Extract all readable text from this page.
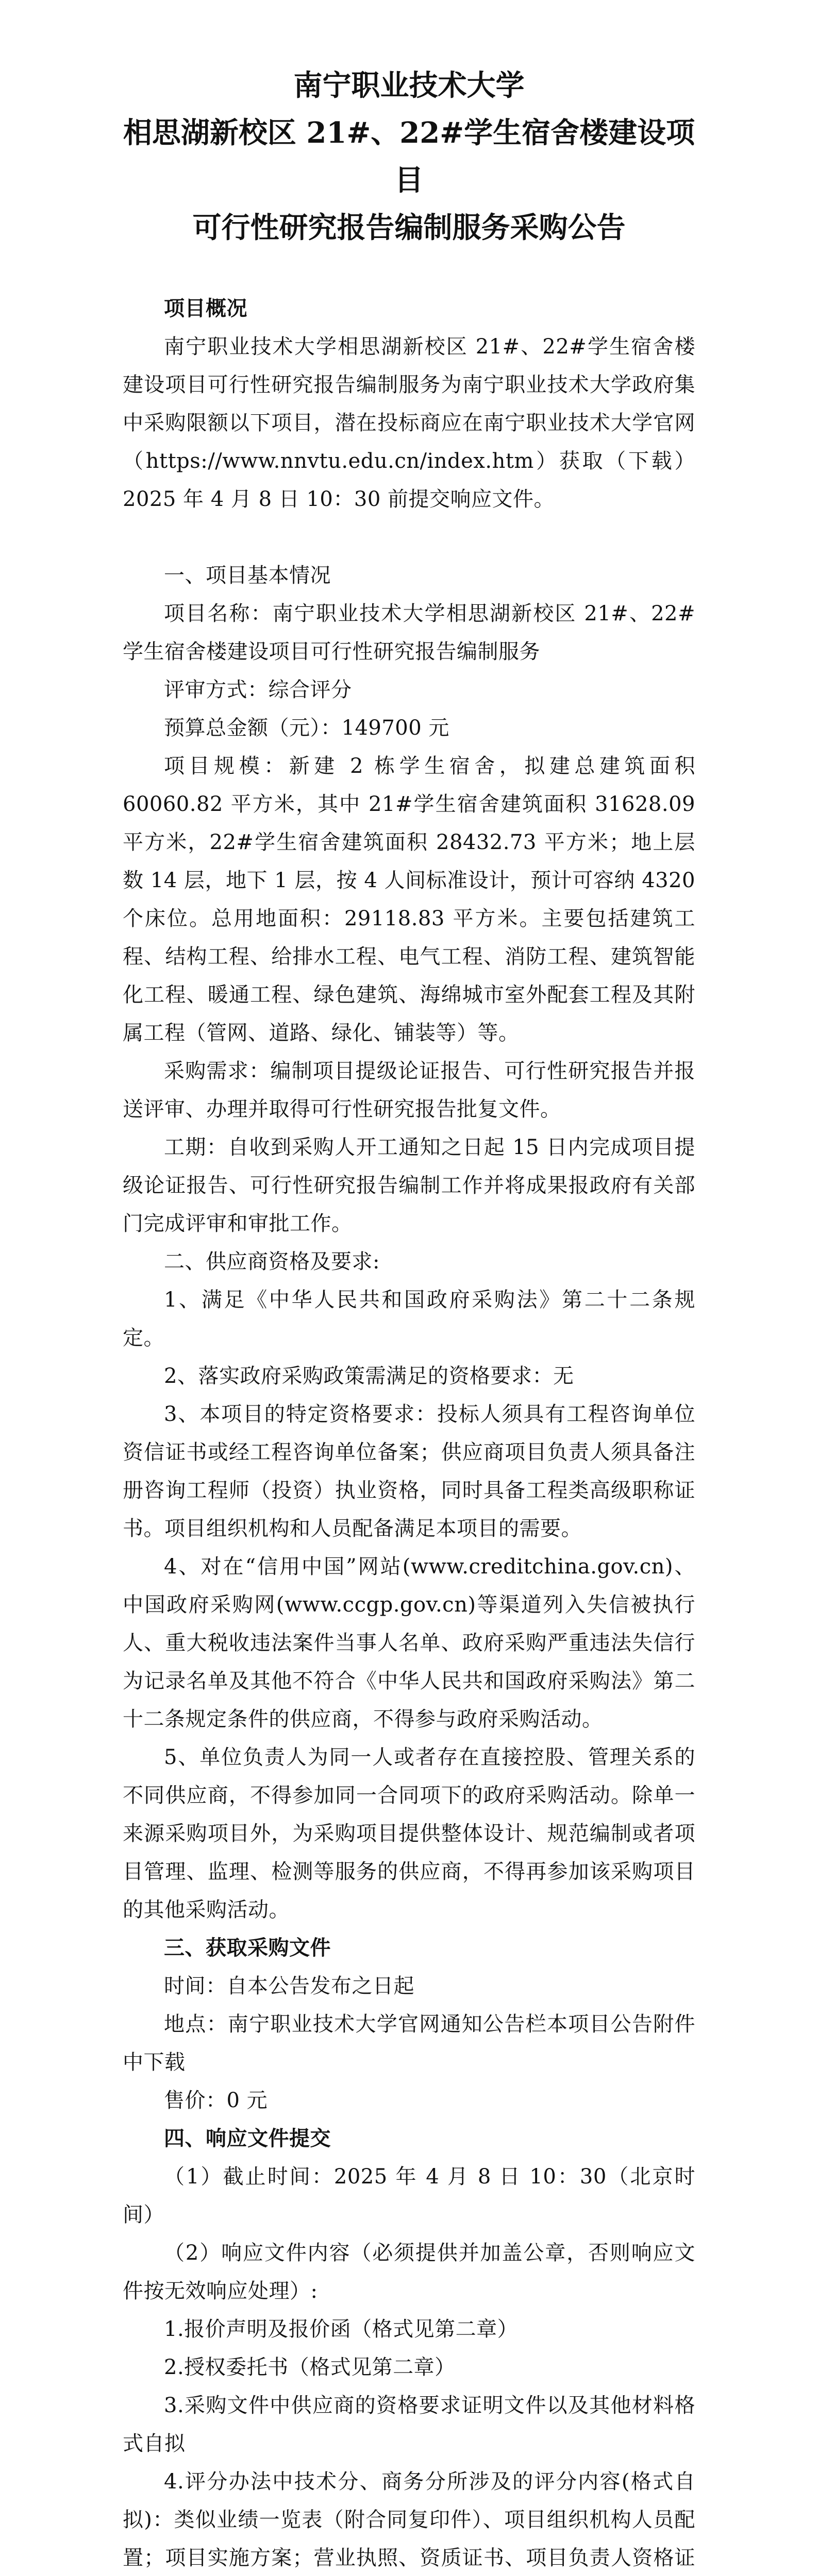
南宁职业技术大学

相思湖新校区 21#、22#学生宿舍楼建设项目

可行性研究报告编制服务采购公告

项目概况

南宁职业技术大学相思湖新校区 21#、22#学生宿舍楼建设项目可行性研究报告编制服务为南宁职业技术大学政府集中采购限额以下项目，潜在投标商应在南宁职业技术大学官网（https://www.nnvtu.edu.cn/index.htm）获取（下载） 2025 年 4 月 8 日 10：30 前提交响应文件。

一、项目基本情况

项目名称：南宁职业技术大学相思湖新校区 21#、22#学生宿舍楼建设项目可行性研究报告编制服务

评审方式：综合评分

预算总金额（元）：149700 元

项目规模：新建 2 栋学生宿舍，拟建总建筑面积 60060.82 平方米，其中 21#学生宿舍建筑面积 31628.09 平方米，22#学生宿舍建筑面积 28432.73 平方米；地上层数 14 层，地下 1 层，按 4 人间标准设计，预计可容纳 4320 个床位。总用地面积：29118.83 平方米。主要包括建筑工程、结构工程、给排水工程、电气工程、消防工程、建筑智能化工程、暖通工程、绿色建筑、海绵城市室外配套工程及其附属工程（管网、道路、绿化、铺装等）等。

采购需求：编制项目提级论证报告、可行性研究报告并报送评审、办理并取得可行性研究报告批复文件。

工期：自收到采购人开工通知之日起 15 日内完成项目提级论证报告、可行性研究报告编制工作并将成果报政府有关部门完成评审和审批工作。

二、供应商资格及要求:

1、满足《中华人民共和国政府采购法》第二十二条规定。

2、落实政府采购政策需满足的资格要求：无

3、本项目的特定资格要求：投标人须具有工程咨询单位资信证书或经工程咨询单位备案；供应商项目负责人须具备注册咨询工程师（投资）执业资格，同时具备工程类高级职称证书。项目组织机构和人员配备满足本项目的需要。

4、对在“信用中国”网站(www.creditchina.gov.cn)、中国政府采购网(www.ccgp.gov.cn)等渠道列入失信被执行人、重大税收违法案件当事人名单、政府采购严重违法失信行为记录名单及其他不符合《中华人民共和国政府采购法》第二十二条规定条件的供应商，不得参与政府采购活动。

5、单位负责人为同一人或者存在直接控股、管理关系的不同供应商，不得参加同一合同项下的政府采购活动。除单一来源采购项目外，为采购项目提供整体设计、规范编制或者项目管理、监理、检测等服务的供应商，不得再参加该采购项目的其他采购活动。

三、获取采购文件

时间：自本公告发布之日起

地点：南宁职业技术大学官网通知公告栏本项目公告附件中下载

售价：0 元

四、响应文件提交

（1）截止时间：2025 年 4 月 8 日 10：30（北京时间）

（2）响应文件内容（必须提供并加盖公章，否则响应文件按无效响应处理）:

1.报价声明及报价函（格式见第二章）

2.授权委托书（格式见第二章）

3.采购文件中供应商的资格要求证明文件以及其他材料格式自拟

4.评分办法中技术分、商务分所涉及的评分内容(格式自拟)：类似业绩一览表（附合同复印件）、项目组织机构人员配置；项目实施方案；营业执照、资质证书、项目负责人资格证
